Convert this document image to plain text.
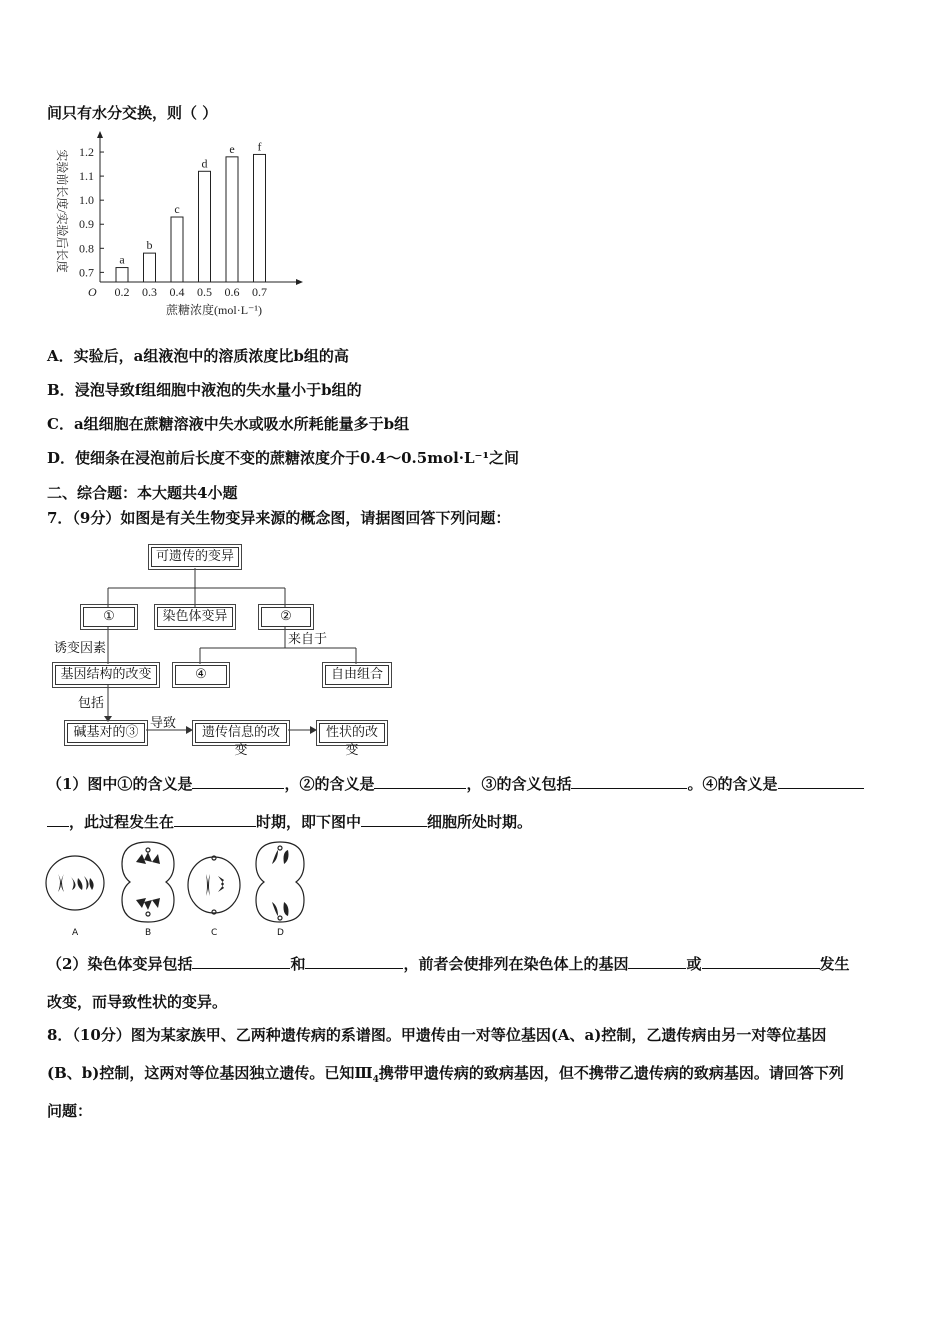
间只有水分交换，则（ ）
0.7
0.8
0.9
1.0
1.1
1.2
O
a
0.2
b
0.3
c
0.4
d
0.5
e
0.6
f
0.7
蔗糖浓度(mol·L⁻¹)
实验前长度/实验后长度
A．实验后，a组液泡中的溶质浓度比b组的高
B．浸泡导致f组细胞中液泡的失水量小于b组的
C．a组细胞在蔗糖溶液中失水或吸水所耗能量多于b组
D．使细条在浸泡前后长度不变的蔗糖浓度介于0.4～0.5mol·L⁻¹之间
二、综合题：本大题共4小题
7．（9分）如图是有关生物变异来源的概念图，请据图回答下列问题：
可遗传的变异
①	染色体变异	②
诱变因素
来自于
④	自由组合
基因结构的改变
包括
碱基对的③
导致
遗传信息的改变
性状的改变
（1）图中①的含义是	，②的含义是	，③的含义包括	。④的含义是
，此过程发生在	时期，即下图中	细胞所处时期。
A	B	C	D
（2）染色体变异包括	和	，前者会使排列在染色体上的基因	或	发生
改变，而导致性状的变异。
8．（10分）图为某家族甲、乙两种遗传病的系谱图。甲遗传由一对等位基因(A、a)控制，乙遗传病由另一对等位基因
(B、b)控制，这两对等位基因独立遗传。已知$Ⅲ_4$携带甲遗传病的致病基因，但不携带乙遗传病的致病基因。请回答下列
问题：
